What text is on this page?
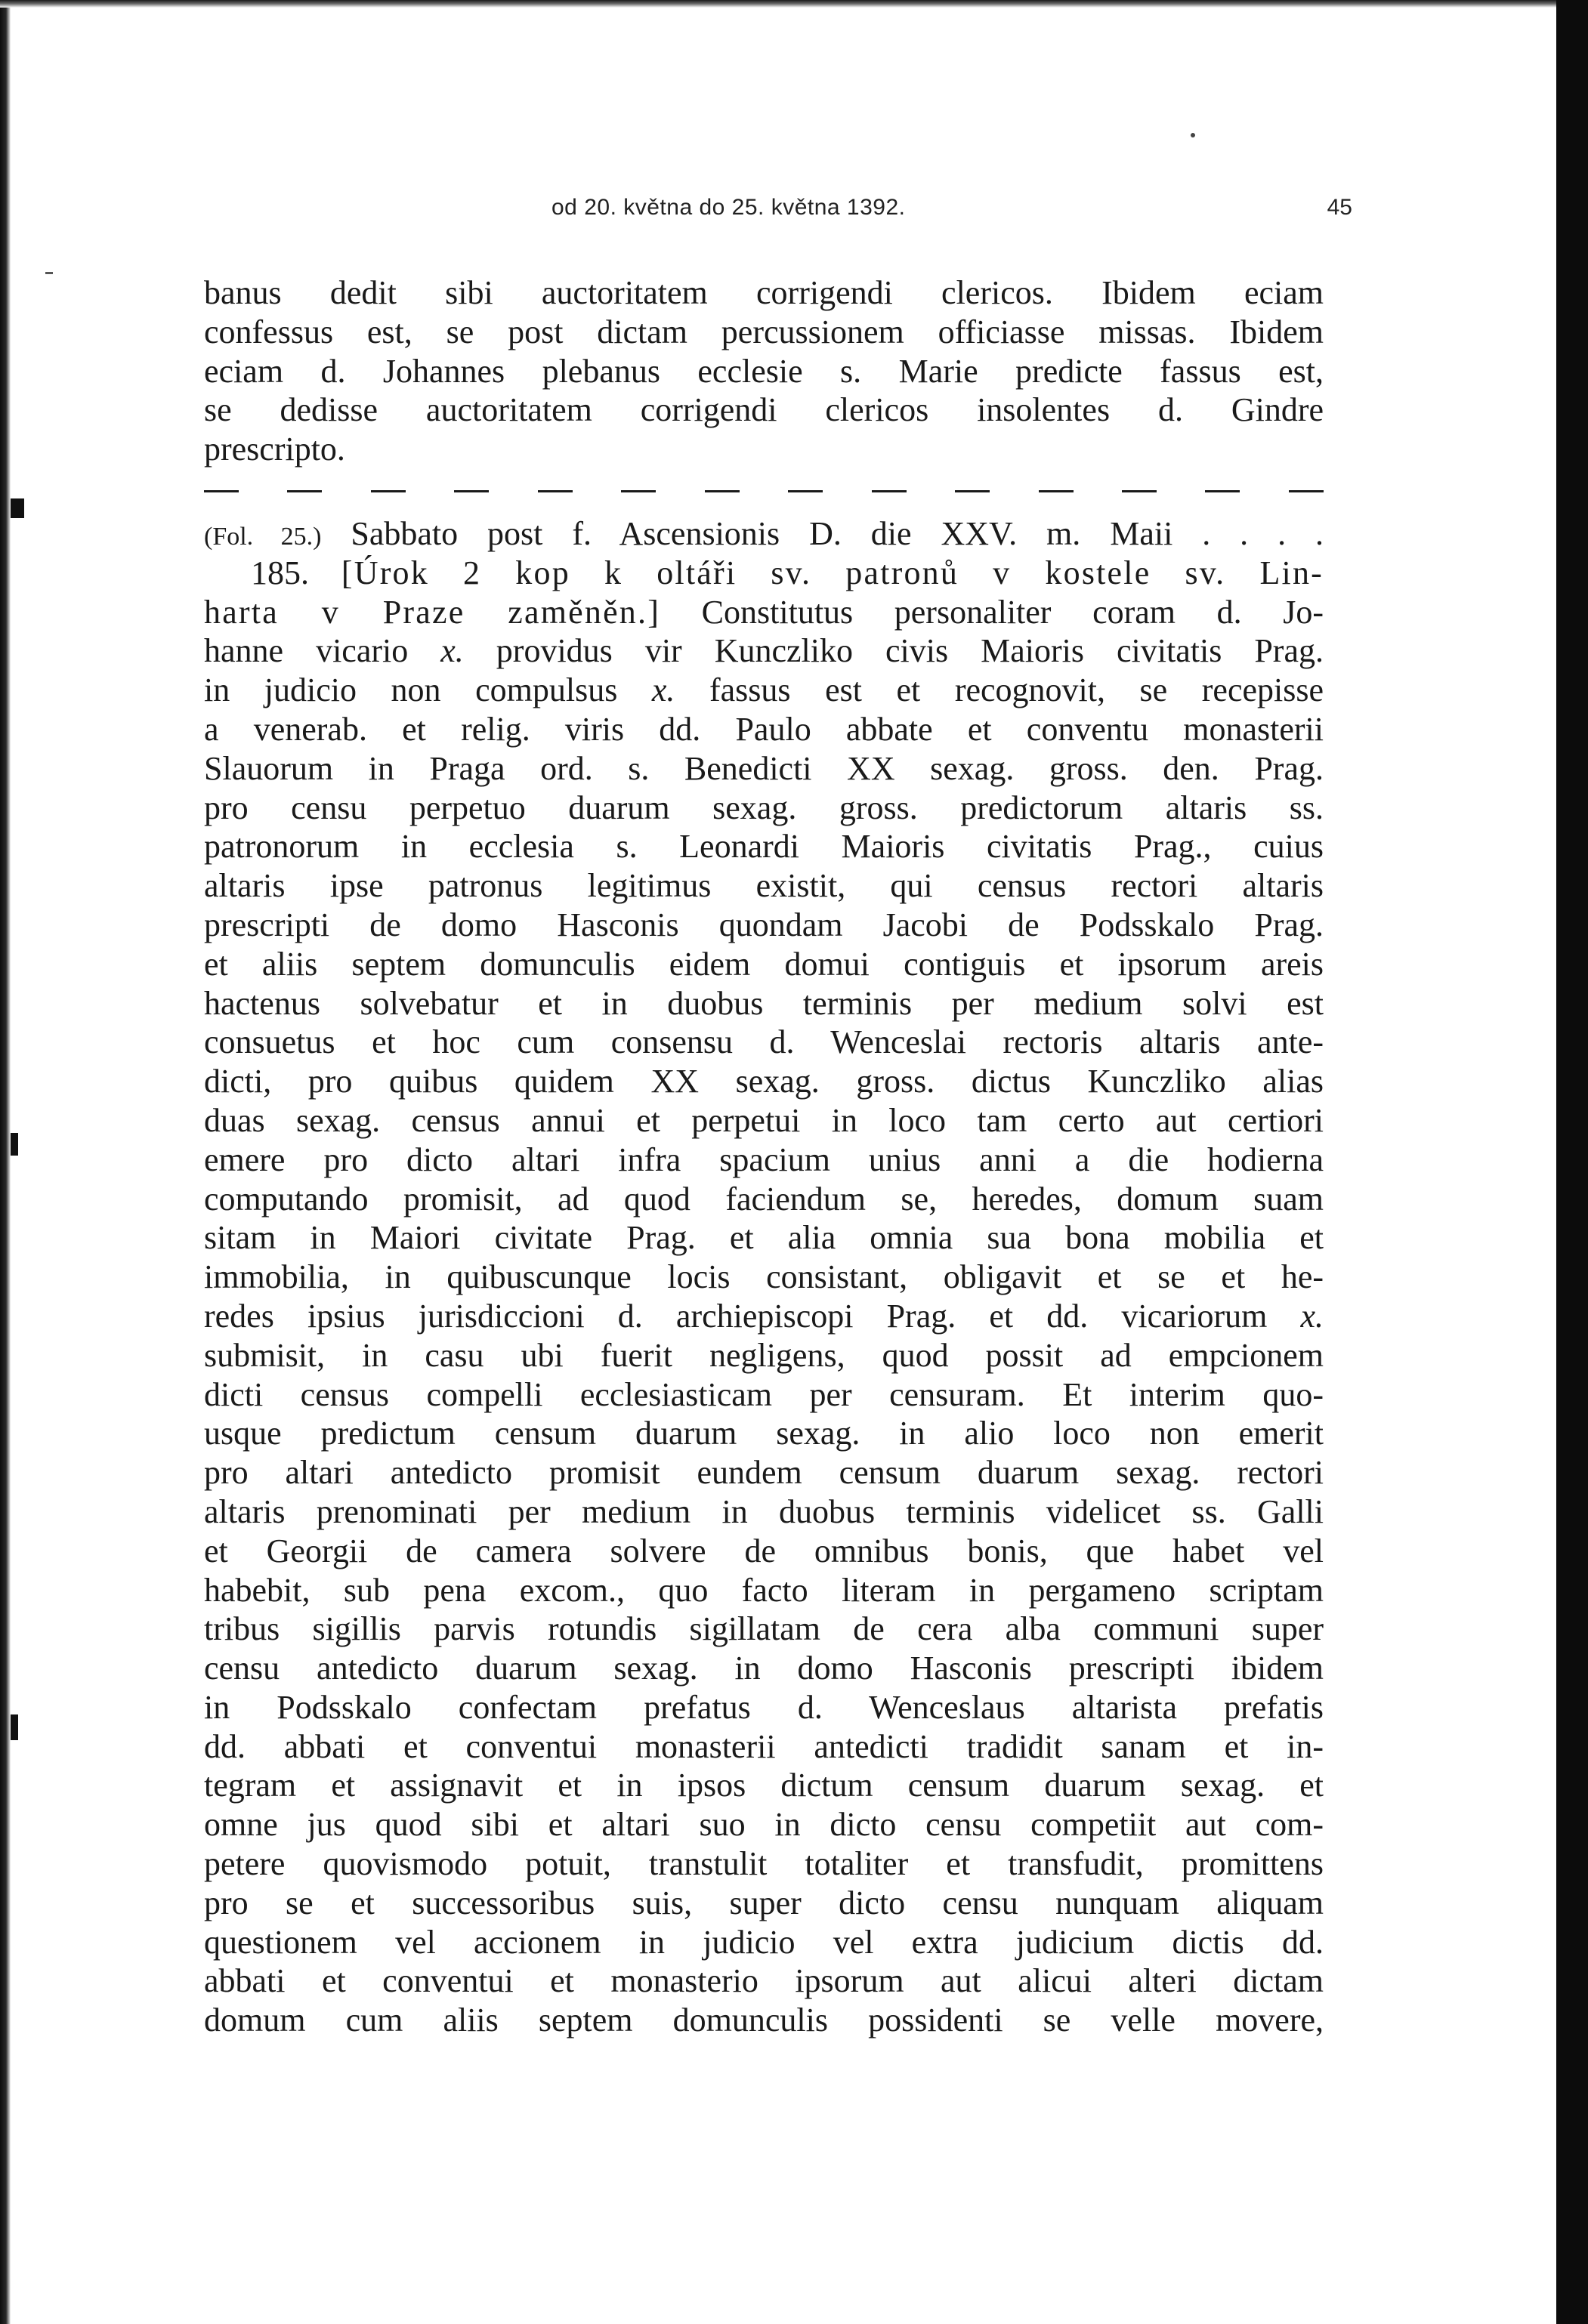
od 20. května do 25. května 1392.	45
banus dedit sibi auctoritatem corrigendi clericos. Ibidem eciam
confessus est, se post dictam percussionem officiasse missas. Ibidem
eciam d. Johannes plebanus ecclesie s. Marie predicte fassus est,
se dedisse auctoritatem corrigendi clericos insolentes d. Gindre
prescripto.
(Fol. 25.) Sabbato post f. Ascensionis D. die XXV. m. Maii . . . .
185. [Úrok 2 kop k oltáři sv. patronů v kostele sv. Lin-
harta v Praze zaměněn.] Constitutus personaliter coram d. Jo-
hanne vicario x. providus vir Kunczliko civis Maioris civitatis Prag.
in judicio non compulsus x. fassus est et recognovit, se recepisse
a venerab. et relig. viris dd. Paulo abbate et conventu monasterii
Slauorum in Praga ord. s. Benedicti XX sexag. gross. den. Prag.
pro censu perpetuo duarum sexag. gross. predictorum altaris ss.
patronorum in ecclesia s. Leonardi Maioris civitatis Prag., cuius
altaris ipse patronus legitimus existit, qui census rectori altaris
prescripti de domo Hasconis quondam Jacobi de Podsskalo Prag.
et aliis septem domunculis eidem domui contiguis et ipsorum areis
hactenus solvebatur et in duobus terminis per medium solvi est
consuetus et hoc cum consensu d. Wenceslai rectoris altaris ante-
dicti, pro quibus quidem XX sexag. gross. dictus Kunczliko alias
duas sexag. census annui et perpetui in loco tam certo aut certiori
emere pro dicto altari infra spacium unius anni a die hodierna
computando promisit, ad quod faciendum se, heredes, domum suam
sitam in Maiori civitate Prag. et alia omnia sua bona mobilia et
immobilia, in quibuscunque locis consistant, obligavit et se et he-
redes ipsius jurisdiccioni d. archiepiscopi Prag. et dd. vicariorum x.
submisit, in casu ubi fuerit negligens, quod possit ad empcionem
dicti census compelli ecclesiasticam per censuram. Et interim quo-
usque predictum censum duarum sexag. in alio loco non emerit
pro altari antedicto promisit eundem censum duarum sexag. rectori
altaris prenominati per medium in duobus terminis videlicet ss. Galli
et Georgii de camera solvere de omnibus bonis, que habet vel
habebit, sub pena excom., quo facto literam in pergameno scriptam
tribus sigillis parvis rotundis sigillatam de cera alba communi super
censu antedicto duarum sexag. in domo Hasconis prescripti ibidem
in Podsskalo confectam prefatus d. Wenceslaus altarista prefatis
dd. abbati et conventui monasterii antedicti tradidit sanam et in-
tegram et assignavit et in ipsos dictum censum duarum sexag. et
omne jus quod sibi et altari suo in dicto censu competiit aut com-
petere quovismodo potuit, transtulit totaliter et transfudit, promittens
pro se et successoribus suis, super dicto censu nunquam aliquam
questionem vel accionem in judicio vel extra judicium dictis dd.
abbati et conventui et monasterio ipsorum aut alicui alteri dictam
domum cum aliis septem domunculis possidenti se velle movere,
